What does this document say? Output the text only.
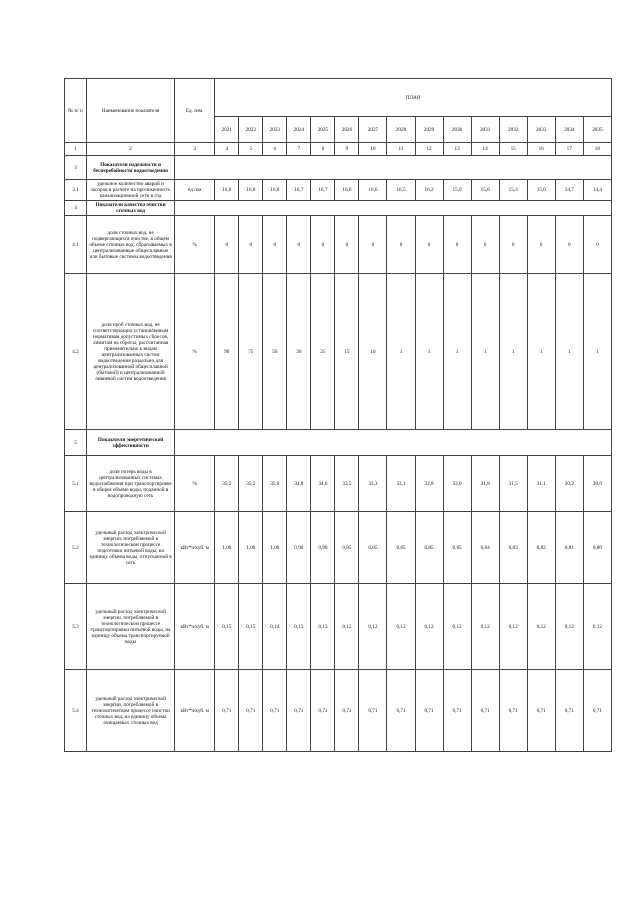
№ п/ п	Наименование показателя	Ед. изм.	ПЛАН														
			2021	2022	2023	2024	2025	2026	2027	2028	2029	2030	2031	2032	2033	2034	2035
1	2	3	4	5	6	7	8	9	10	11	12	13	14	15	16	17	18
3	Показатели надежности и бесперебойности водоотведения																
3.1	удельное количество аварий и засоров в расчете на протяженность канализационной сети в год	ед./км	16,8	16,8	16,8	16,7	16,7	16,6	16,6	16,5	16,2	15,9	15,6	15,3	15,0	14,7	14,4
4	Показатели качества очистки сточных вод																
4.1	доля сточных вод, не подвергающихся очистке, в общем объеме сточных вод, сбрасываемых в централизованные общесплавные или бытовые системы водоотведения	%	0	0	0	0	0	0	0	0	0	0	0	0	0	0	0
4.2	доля проб сточных вод, не соответствующих установленным нормативам допустимых сбросов, лимитам на сбросы, рассчитанная применительно к видам централизованных систем водоотведения раздельно для централизованной общесплавной (бытовой) и централизованной ливневой систем водоотведения	%	90	75	50	30	25	15	10	1	1	1	1	1	1	1	1
5	Показатели энергетической эффективности																
5.1	доля потерь воды в централизованных системах водоснабжения при транспортировке в общем объеме воды, поданной в водопроводную сеть	%	35,2	35,2	35,0	34,8	34,6	33,5	33,3	33,1	32,8	32,0	31,8	31,5	31,1	30,2	30,0
5.2	удельный расход электрической энергии, потребляемой в технологическом процессе подготовки питьевой воды, на единицу объема воды, отпускаемой в сеть	кВт*ч/куб. м	1,00	1,00	1,00	0,90	0,90	0,85	0,85	0,85	0,85	0,85	0,84	0,83	0,82	0,81	0,80
5.3	удельный расход электрической энергии, потребляемой в технологическом процессе транспортировки питьевой воды, на единицу объема транспортируемой воды	кВт*ч/куб. м	0,15	0,15	0,14	0,13	0,13	0,12	0,12	0,12	0,12	0,12	0,12	0,12	0,12	0,12	0,12
5.4	удельный расход электрической энергии, потребляемой в технологическом процессе очистки сточных вод, на единицу объема очищаемых сточных вод	кВт*ч/куб. м	0,71	0,71	0,71	0,71	0,71	0,71	0,71	0,71	0,71	0,71	0,71	0,71	0,71	0,71	0,71
